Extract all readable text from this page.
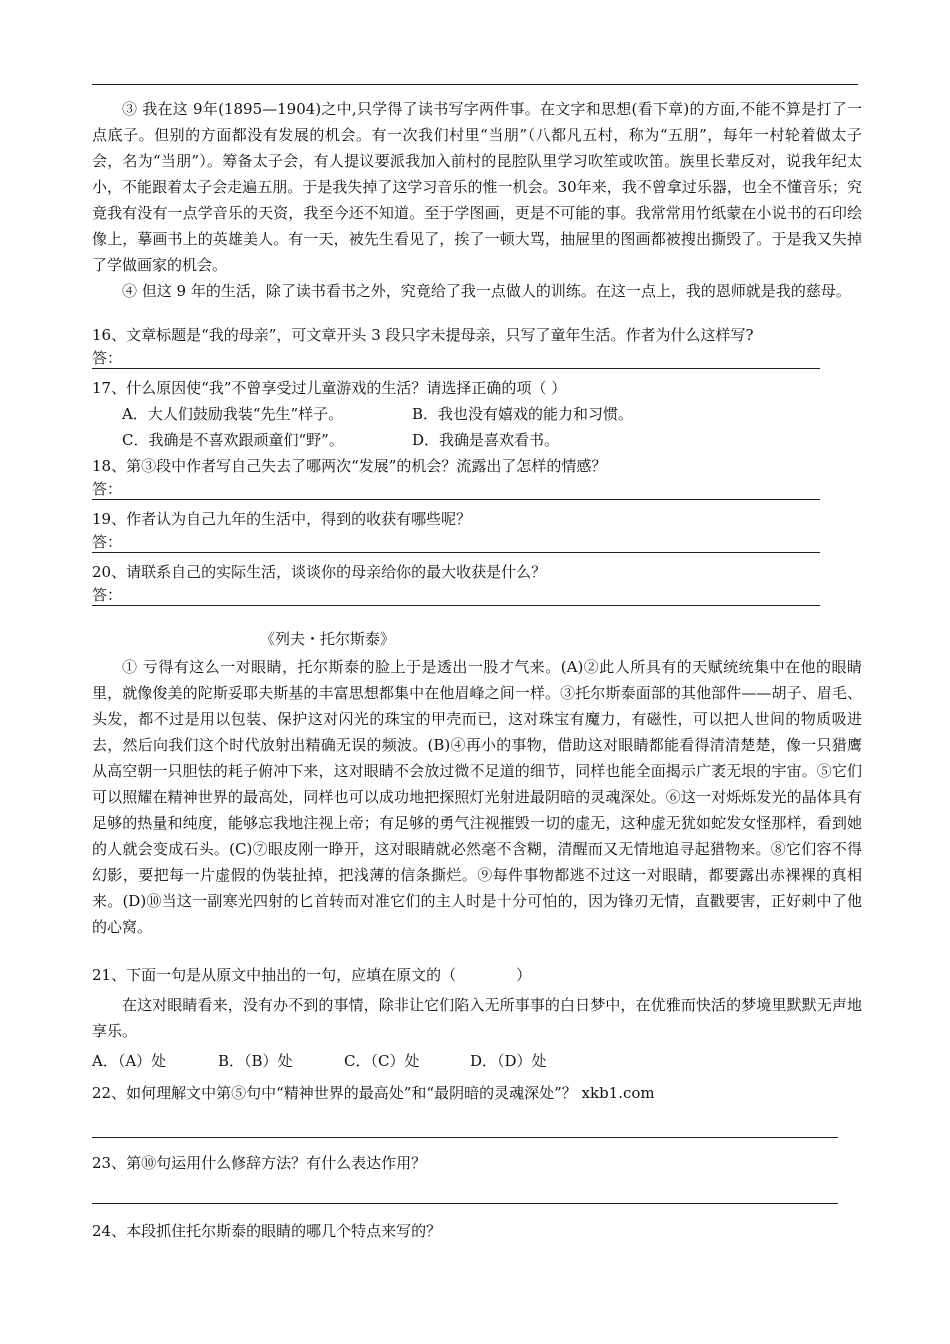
③ 我在这 9年(1895—1904)之中,只学得了读书写字两件事。在文字和思想(看下章)的方面,不能不算是打了一点底子。但别的方面都没有发展的机会。有一次我们村里“当朋”（八都凡五村，称为“五朋”，每年一村轮着做太子会，名为“当朋”）。筹备太子会，有人提议要派我加入前村的昆腔队里学习吹笙或吹笛。族里长辈反对，说我年纪太小，不能跟着太子会走遍五朋。于是我失掉了这学习音乐的惟一机会。30年来，我不曾拿过乐器，也全不懂音乐；究竟我有没有一点学音乐的天资，我至今还不知道。至于学图画，更是不可能的事。我常常用竹纸蒙在小说书的石印绘像上，摹画书上的英雄美人。有一天，被先生看见了，挨了一顿大骂，抽屉里的图画都被搜出撕毁了。于是我又失掉了学做画家的机会。

④ 但这 9 年的生活，除了读书看书之外，究竟给了我一点做人的训练。在这一点上，我的恩师就是我的慈母。

16、文章标题是“我的母亲”，可文章开头 3 段只字未提母亲，只写了童年生活。作者为什么这样写?

答：

17、什么原因使“我”不曾享受过儿童游戏的生活？请选择正确的项（ ）

A．大人们鼓励我装“先生”样子。	B．我也没有嬉戏的能力和习惯。

C．我确是不喜欢跟顽童们“野”。	D．我确是喜欢看书。

18、第③段中作者写自己失去了哪两次“发展”的机会？流露出了怎样的情感？

答：

19、作者认为自己九年的生活中，得到的收获有哪些呢？

答：

20、请联系自己的实际生活，谈谈你的母亲给你的最大收获是什么？

答：
《列夫・托尔斯泰》

① 亏得有这么一对眼睛，托尔斯泰的脸上于是透出一股才气来。(A)②此人所具有的天赋统统集中在他的眼睛里，就像俊美的陀斯妥耶夫斯基的丰富思想都集中在他眉峰之间一样。③托尔斯泰面部的其他部件——胡子、眉毛、头发，都不过是用以包装、保护这对闪光的珠宝的甲壳而已，这对珠宝有魔力，有磁性，可以把人世间的物质吸进去，然后向我们这个时代放射出精确无误的频波。(B)④再小的事物，借助这对眼睛都能看得清清楚楚，像一只猎鹰从高空朝一只胆怯的耗子俯冲下来，这对眼睛不会放过微不足道的细节，同样也能全面揭示广袤无垠的宇宙。⑤它们可以照耀在精神世界的最高处，同样也可以成功地把探照灯光射进最阴暗的灵魂深处。⑥这一对烁烁发光的晶体具有足够的热量和纯度，能够忘我地注视上帝；有足够的勇气注视摧毁一切的虚无，这种虚无犹如蛇发女怪那样，看到她的人就会变成石头。(C)⑦眼皮刚一睁开，这对眼睛就必然毫不含糊，清醒而又无情地追寻起猎物来。⑧它们容不得幻影，要把每一片虚假的伪装扯掉，把浅薄的信条撕烂。⑨每件事物都逃不过这一对眼睛，都要露出赤裸裸的真相来。(D)⑩当这一副寒光四射的匕首转而对准它们的主人时是十分可怕的，因为锋刃无情，直戳要害，正好刺中了他的心窝。

21、下面一句是从原文中抽出的一句，应填在原文的（　　　　）

在这对眼睛看来，没有办不到的事情，除非让它们陷入无所事事的白日梦中，在优雅而快活的梦境里默默无声地享乐。

A．（A）处	B．（B）处	C．（C）处	D．（D）处

22、如何理解文中第⑤句中“精神世界的最高处”和“最阴暗的灵魂深处”？ xkb1.com

23、第⑩句运用什么修辞方法？有什么表达作用？

24、本段抓住托尔斯泰的眼睛的哪几个特点来写的？
